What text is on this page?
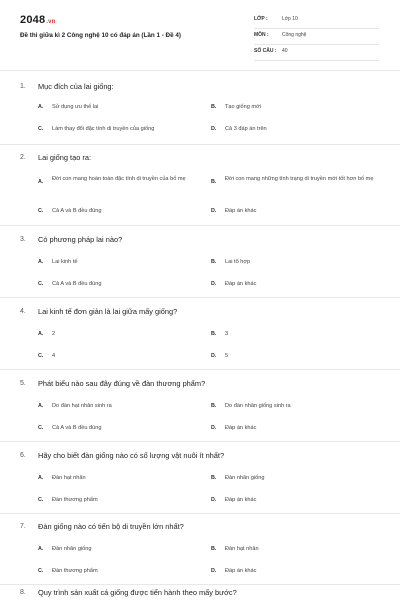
2048.vn
Đề thi giữa kì 2 Công nghệ 10 có đáp án (Lần 1 - Đề 4)
LỚP :	Lớp 10
MÔN :	Công nghệ
SỐ CÂU : 40
1. Mục đích của lai giống:
A.	Sử dụng ưu thế lai	B.	Tạo giống mới
C.	Làm thay đổi đặc tính di truyền của giống	D.	Cả 3 đáp án trên
2. Lai giống tạo ra:
A.	Đời con mang hoàn toàn đặc tính di truyền của bố mẹ	B.	Đời con mang những tính trạng di truyền mới tốt hơn bố mẹ
C.	Cả A và B đều đúng	D.	Đáp án khác
3. Có phương pháp lai nào?
A.	Lai kinh tế	B.	Lai tổ hợp
C.	Cả A và B đều đúng	D.	Đáp án khác
4. Lai kinh tế đơn giản là lai giữa mấy giống?
A.	2	B.	3
C.	4	D.	5
5. Phát biểu nào sau đây đúng về đàn thương phẩm?
A.	Do đàn hạt nhân sinh ra	B.	Do đàn nhân giống sinh ra
C.	Cả A và B đều đúng	D.	Đáp án khác
6. Hãy cho biết đàn giống nào có số lượng vật nuôi ít nhất?
A.	Đàn hạt nhân	B.	Đàn nhân giống
C.	Đàn thương phẩm	D.	Đáp án khác
7. Đàn giống nào có tiến bộ di truyền lớn nhất?
A.	Đàn nhân giống	B.	Đàn hạt nhân
C.	Đàn thương phẩm	D.	Đáp án khác
8. Quy trình sản xuất cá giống được tiến hành theo mấy bước?
